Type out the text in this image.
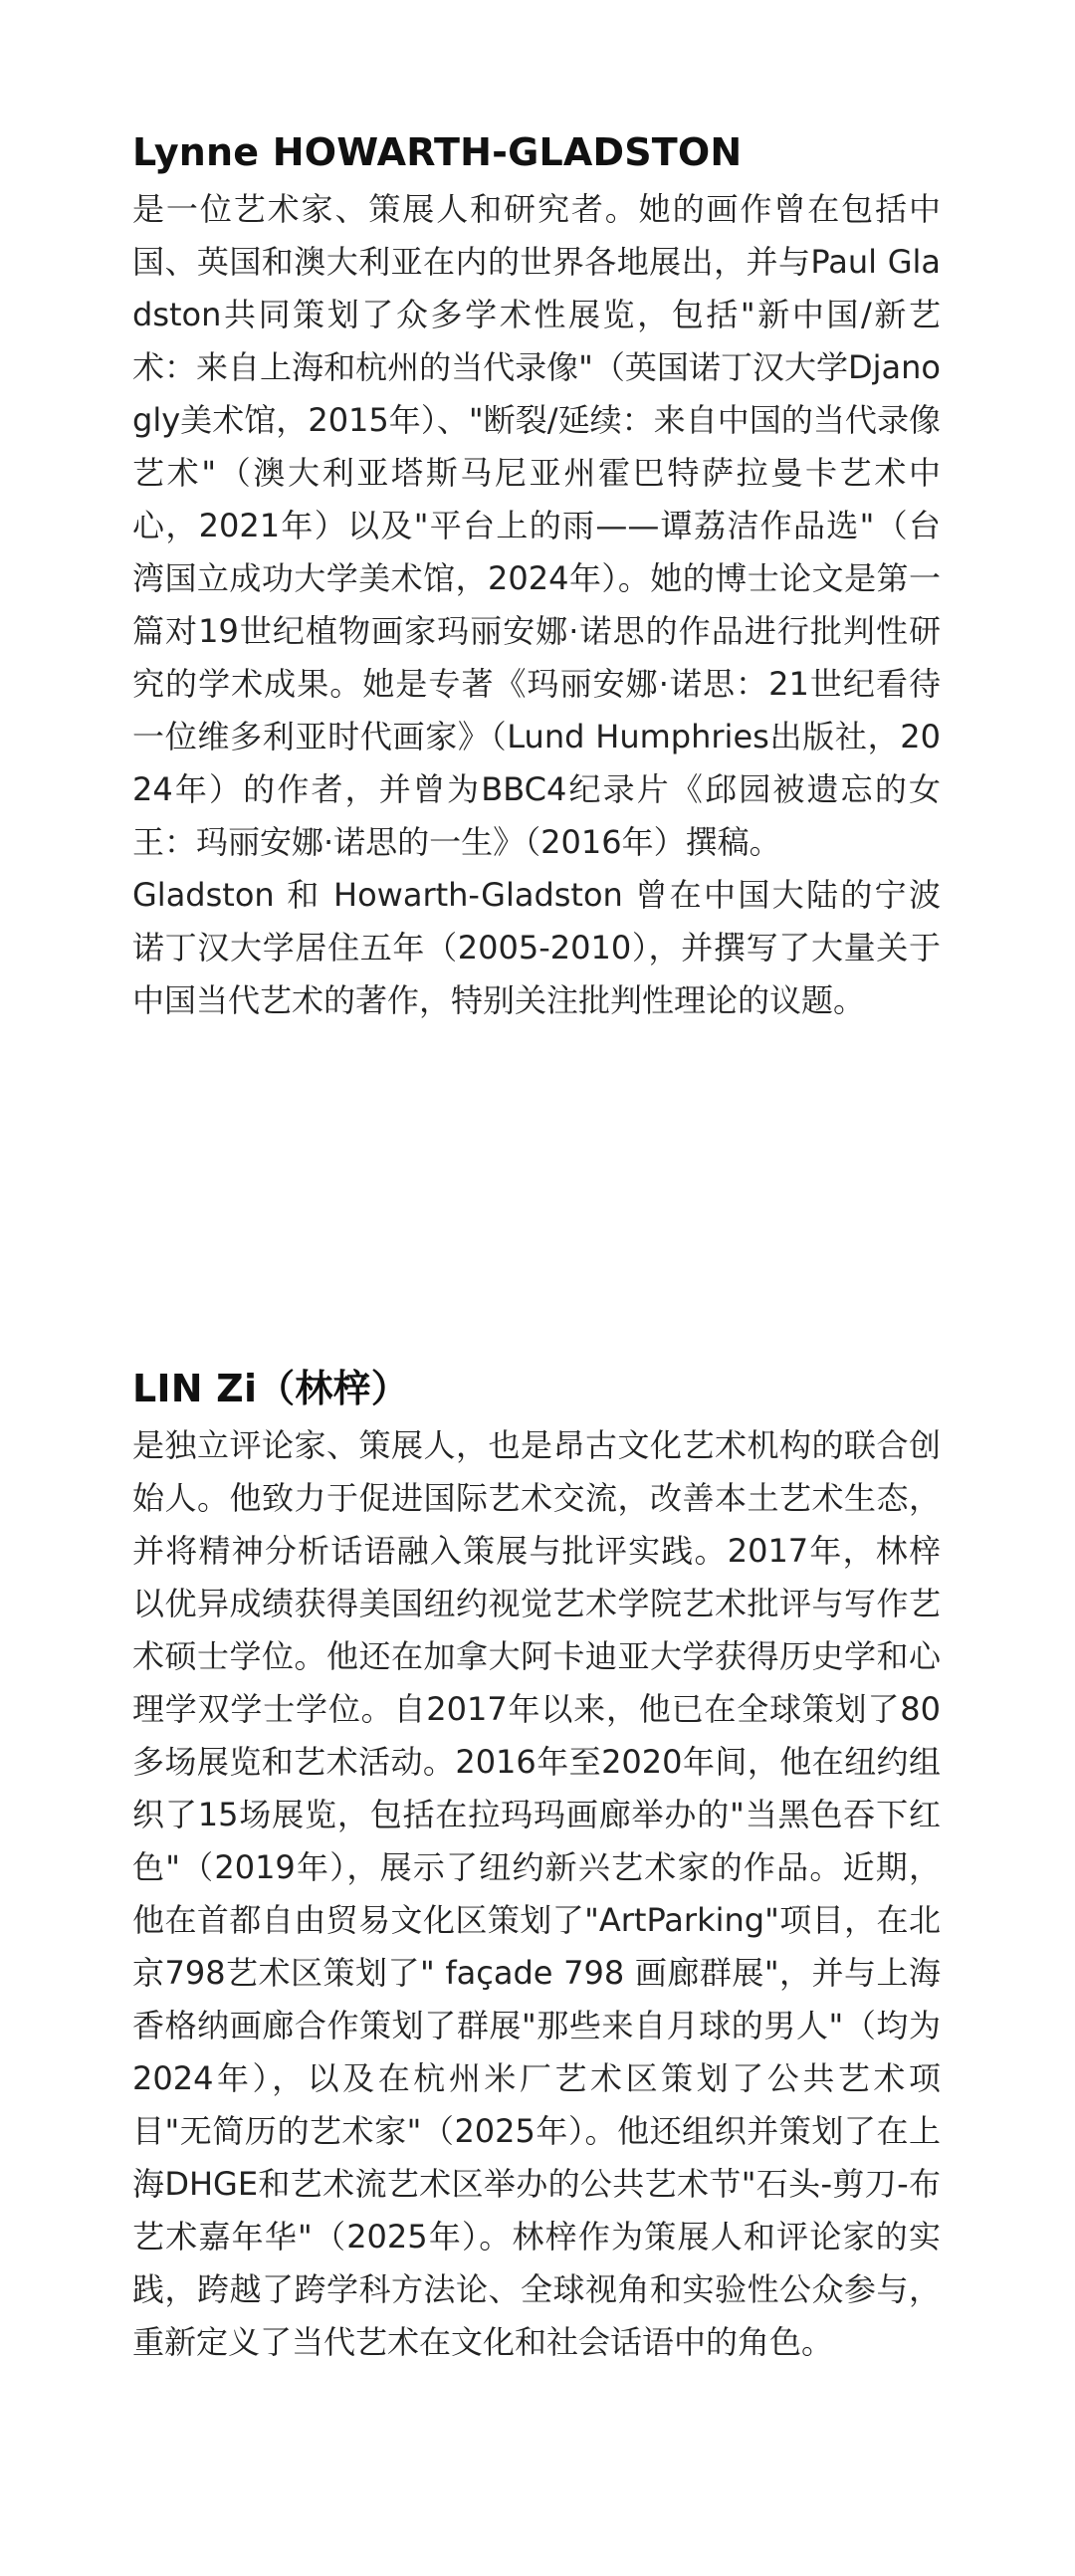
Lynne HOWARTH-GLADSTON

是一位艺术家、策展人和研究者。她的画作曾在包括中国、英国和澳大利亚在内的世界各地展出，并与Paul Gladston共同策划了众多学术性展览，包括"新中国/新艺术：来自上海和杭州的当代录像"（英国诺丁汉大学Djanogly美术馆，2015年）、"断裂/延续：来自中国的当代录像艺术"（澳大利亚塔斯马尼亚州霍巴特萨拉曼卡艺术中心，2021年）以及"平台上的雨——谭荔洁作品选"（台湾国立成功大学美术馆，2024年）。她的博士论文是第一篇对19世纪植物画家玛丽安娜·诺思的作品进行批判性研究的学术成果。她是专著《玛丽安娜·诺思：21世纪看待一位维多利亚时代画家》（Lund Humphries出版社，2024年）的作者，并曾为BBC4纪录片《邱园被遗忘的女王：玛丽安娜·诺思的一生》（2016年）撰稿。

Gladston 和 Howarth-Gladston 曾在中国大陆的宁波诺丁汉大学居住五年（2005-2010），并撰写了大量关于中国当代艺术的著作，特别关注批判性理论的议题。

LIN Zi（林梓）

是独立评论家、策展人，也是昂古文化艺术机构的联合创始人。他致力于促进国际艺术交流，改善本土艺术生态，并将精神分析话语融入策展与批评实践。2017年，林梓以优异成绩获得美国纽约视觉艺术学院艺术批评与写作艺术硕士学位。他还在加拿大阿卡迪亚大学获得历史学和心理学双学士学位。自2017年以来，他已在全球策划了80多场展览和艺术活动。2016年至2020年间，他在纽约组织了15场展览，包括在拉玛玛画廊举办的"当黑色吞下红色"（2019年），展示了纽约新兴艺术家的作品。近期，他在首都自由贸易文化区策划了"ArtParking"项目，在北京798艺术区策划了" façade 798 画廊群展"，并与上海香格纳画廊合作策划了群展"那些来自月球的男人"（均为2024年），以及在杭州米厂艺术区策划了公共艺术项目"无简历的艺术家"（2025年）。他还组织并策划了在上海DHGE和艺术流艺术区举办的公共艺术节"石头-剪刀-布艺术嘉年华"（2025年）。林梓作为策展人和评论家的实践，跨越了跨学科方法论、全球视角和实验性公众参与，重新定义了当代艺术在文化和社会话语中的角色。
